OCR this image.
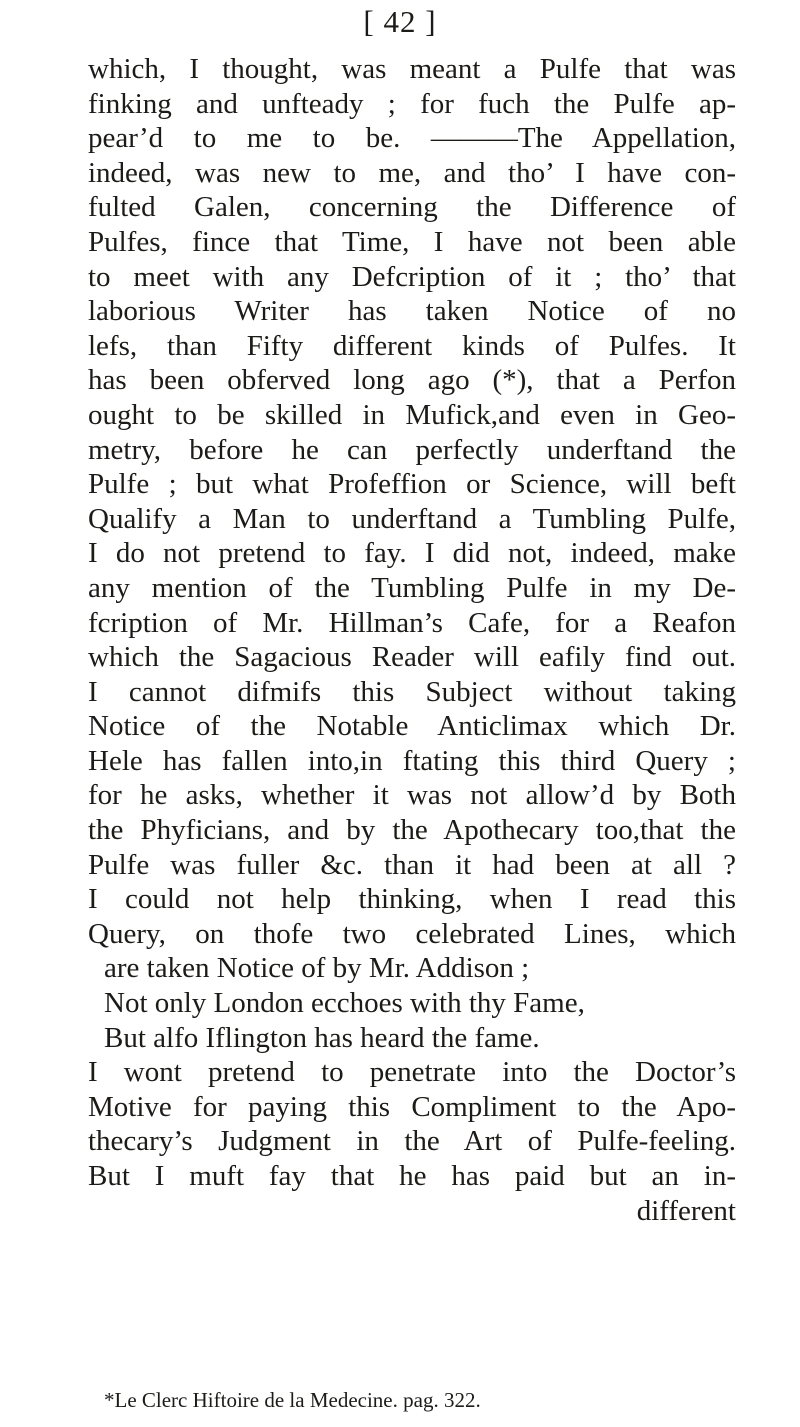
[ 42 ]
which, I thought, was meant a Pulfe that was
finking and unfteady ; for fuch the Pulfe ap-
pear’d to me to be. ———The Appellation,
indeed, was new to me, and tho’ I have con-
fulted Galen, concerning the Difference of
Pulfes, fince that Time, I have not been able
to meet with any Defcription of it ; tho’ that
laborious Writer has taken Notice of no
lefs, than Fifty different kinds of Pulfes. It
has been obferved long ago (*), that a Perfon
ought to be skilled in Mufick,and even in Geo-
metry, before he can perfectly underftand the
Pulfe ; but what Profeffion or Science, will beft
Qualify a Man to underftand a Tumbling Pulfe,
I do not pretend to fay. I did not, indeed, make
any mention of the Tumbling Pulfe in my De-
fcription of Mr. Hillman’s Cafe, for a Reafon
which the Sagacious Reader will eafily find out.
I cannot difmifs this Subject without taking
Notice of the Notable Anticlimax which Dr.
Hele has fallen into,in ftating this third Query ;
for he asks, whether it was not allow’d by Both
the Phyficians, and by the Apothecary too,that the
Pulfe was fuller &c. than it had been at all ?
I could not help thinking, when I read this
Query, on thofe two celebrated Lines, which
are taken Notice of by Mr. Addison ;
Not only London ecchoes with thy Fame,
But alfo Iflington has heard the fame.
I wont pretend to penetrate into the Doctor’s
Motive for paying this Compliment to the Apo-
thecary’s Judgment in the Art of Pulfe-feeling.
But I muft fay that he has paid but an in-
different
*Le Clerc Hiftoire de la Medecine. pag. 322.
